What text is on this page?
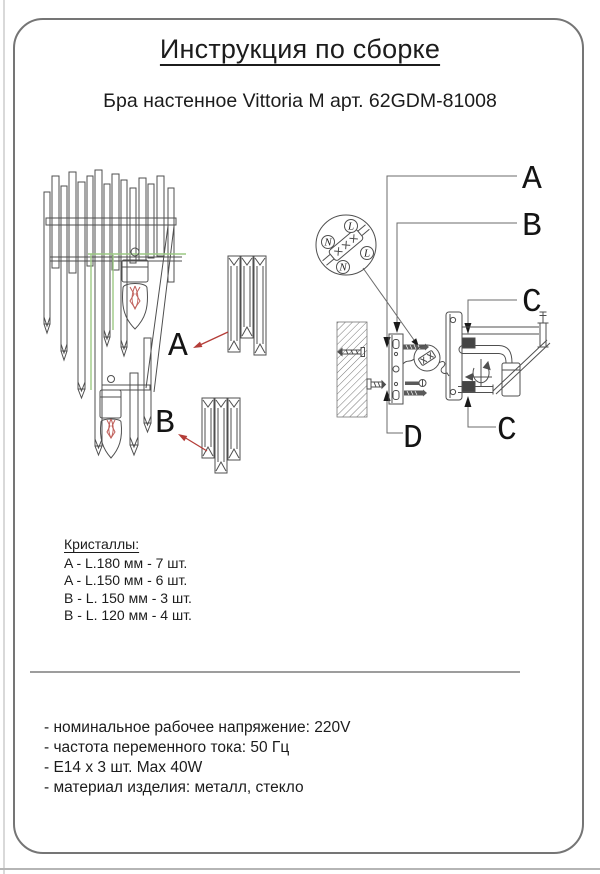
Инструкция по сборке
Бра настенное Vittoria M арт. 62GDM-81008
A
B
N
L
L
N
A
B
C
C
D
Кристаллы:
A - L.180 мм - 7 шт.
A - L.150 мм - 6 шт.
B - L. 150 мм - 3 шт.
B - L. 120 мм - 4 шт.
- номинальное рабочее напряжение: 220V
- частота переменного тока: 50 Гц
- E14 x 3 шт. Max 40W
- материал изделия: металл, стекло
